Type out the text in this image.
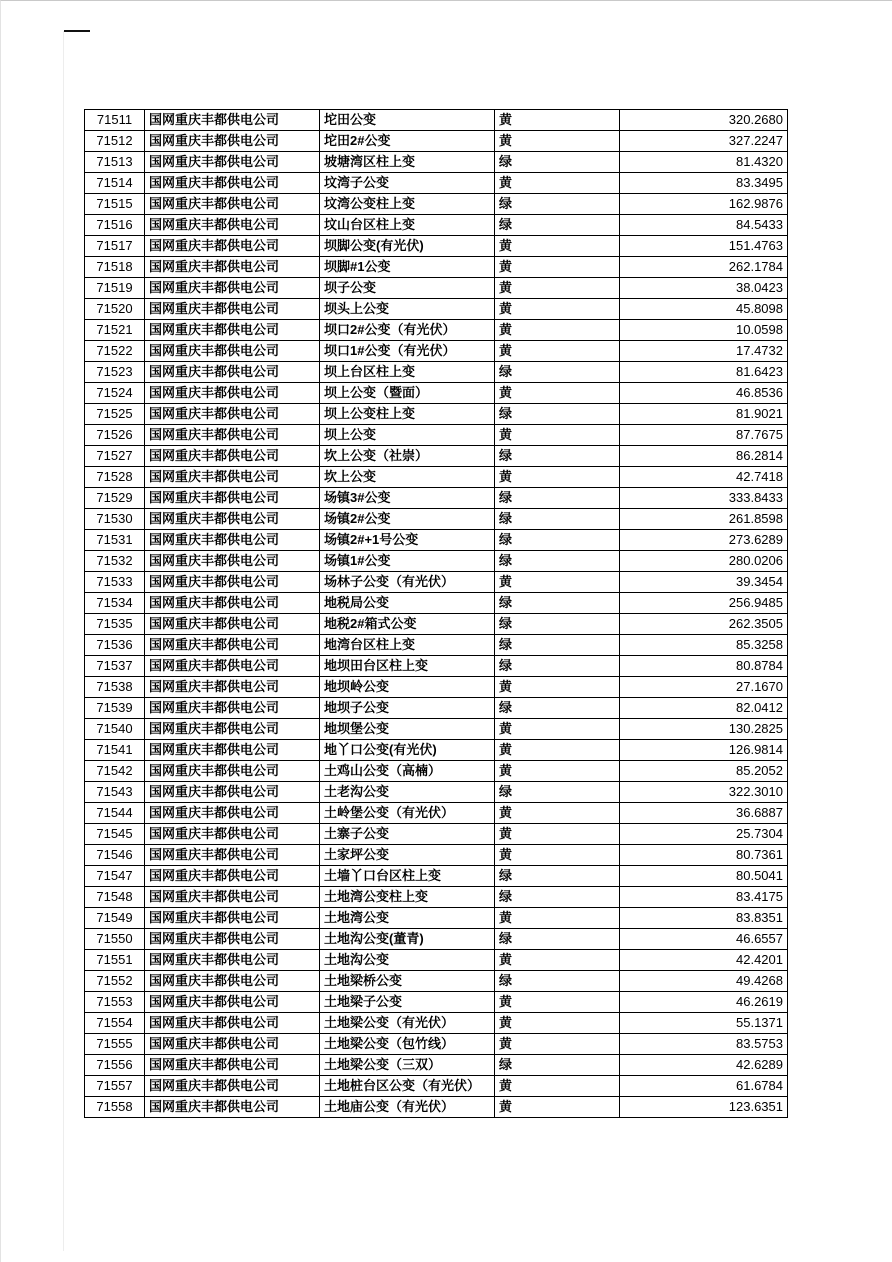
71511	国网重庆丰都供电公司	坨田公变	黄	320.2680
71512	国网重庆丰都供电公司	坨田2#公变	黄	327.2247
71513	国网重庆丰都供电公司	坡塘湾区柱上变	绿	81.4320
71514	国网重庆丰都供电公司	坟湾子公变	黄	83.3495
71515	国网重庆丰都供电公司	坟湾公变柱上变	绿	162.9876
71516	国网重庆丰都供电公司	坟山台区柱上变	绿	84.5433
71517	国网重庆丰都供电公司	坝脚公变(有光伏)	黄	151.4763
71518	国网重庆丰都供电公司	坝脚#1公变	黄	262.1784
71519	国网重庆丰都供电公司	坝子公变	黄	38.0423
71520	国网重庆丰都供电公司	坝头上公变	黄	45.8098
71521	国网重庆丰都供电公司	坝口2#公变（有光伏）	黄	10.0598
71522	国网重庆丰都供电公司	坝口1#公变（有光伏）	黄	17.4732
71523	国网重庆丰都供电公司	坝上台区柱上变	绿	81.6423
71524	国网重庆丰都供电公司	坝上公变（暨面）	黄	46.8536
71525	国网重庆丰都供电公司	坝上公变柱上变	绿	81.9021
71526	国网重庆丰都供电公司	坝上公变	黄	87.7675
71527	国网重庆丰都供电公司	坎上公变（社崇）	绿	86.2814
71528	国网重庆丰都供电公司	坎上公变	黄	42.7418
71529	国网重庆丰都供电公司	场镇3#公变	绿	333.8433
71530	国网重庆丰都供电公司	场镇2#公变	绿	261.8598
71531	国网重庆丰都供电公司	场镇2#+1号公变	绿	273.6289
71532	国网重庆丰都供电公司	场镇1#公变	绿	280.0206
71533	国网重庆丰都供电公司	场林子公变（有光伏）	黄	39.3454
71534	国网重庆丰都供电公司	地税局公变	绿	256.9485
71535	国网重庆丰都供电公司	地税2#箱式公变	绿	262.3505
71536	国网重庆丰都供电公司	地湾台区柱上变	绿	85.3258
71537	国网重庆丰都供电公司	地坝田台区柱上变	绿	80.8784
71538	国网重庆丰都供电公司	地坝岭公变	黄	27.1670
71539	国网重庆丰都供电公司	地坝子公变	绿	82.0412
71540	国网重庆丰都供电公司	地坝堡公变	黄	130.2825
71541	国网重庆丰都供电公司	地丫口公变(有光伏)	黄	126.9814
71542	国网重庆丰都供电公司	土鸡山公变（高楠）	黄	85.2052
71543	国网重庆丰都供电公司	土老沟公变	绿	322.3010
71544	国网重庆丰都供电公司	土岭堡公变（有光伏）	黄	36.6887
71545	国网重庆丰都供电公司	土寨子公变	黄	25.7304
71546	国网重庆丰都供电公司	土家坪公变	黄	80.7361
71547	国网重庆丰都供电公司	土墙丫口台区柱上变	绿	80.5041
71548	国网重庆丰都供电公司	土地湾公变柱上变	绿	83.4175
71549	国网重庆丰都供电公司	土地湾公变	黄	83.8351
71550	国网重庆丰都供电公司	土地沟公变(董青)	绿	46.6557
71551	国网重庆丰都供电公司	土地沟公变	黄	42.4201
71552	国网重庆丰都供电公司	土地梁桥公变	绿	49.4268
71553	国网重庆丰都供电公司	土地梁子公变	黄	46.2619
71554	国网重庆丰都供电公司	土地梁公变（有光伏）	黄	55.1371
71555	国网重庆丰都供电公司	土地梁公变（包竹线）	黄	83.5753
71556	国网重庆丰都供电公司	土地梁公变（三双）	绿	42.6289
71557	国网重庆丰都供电公司	土地桩台区公变（有光伏）	黄	61.6784
71558	国网重庆丰都供电公司	土地庙公变（有光伏）	黄	123.6351
